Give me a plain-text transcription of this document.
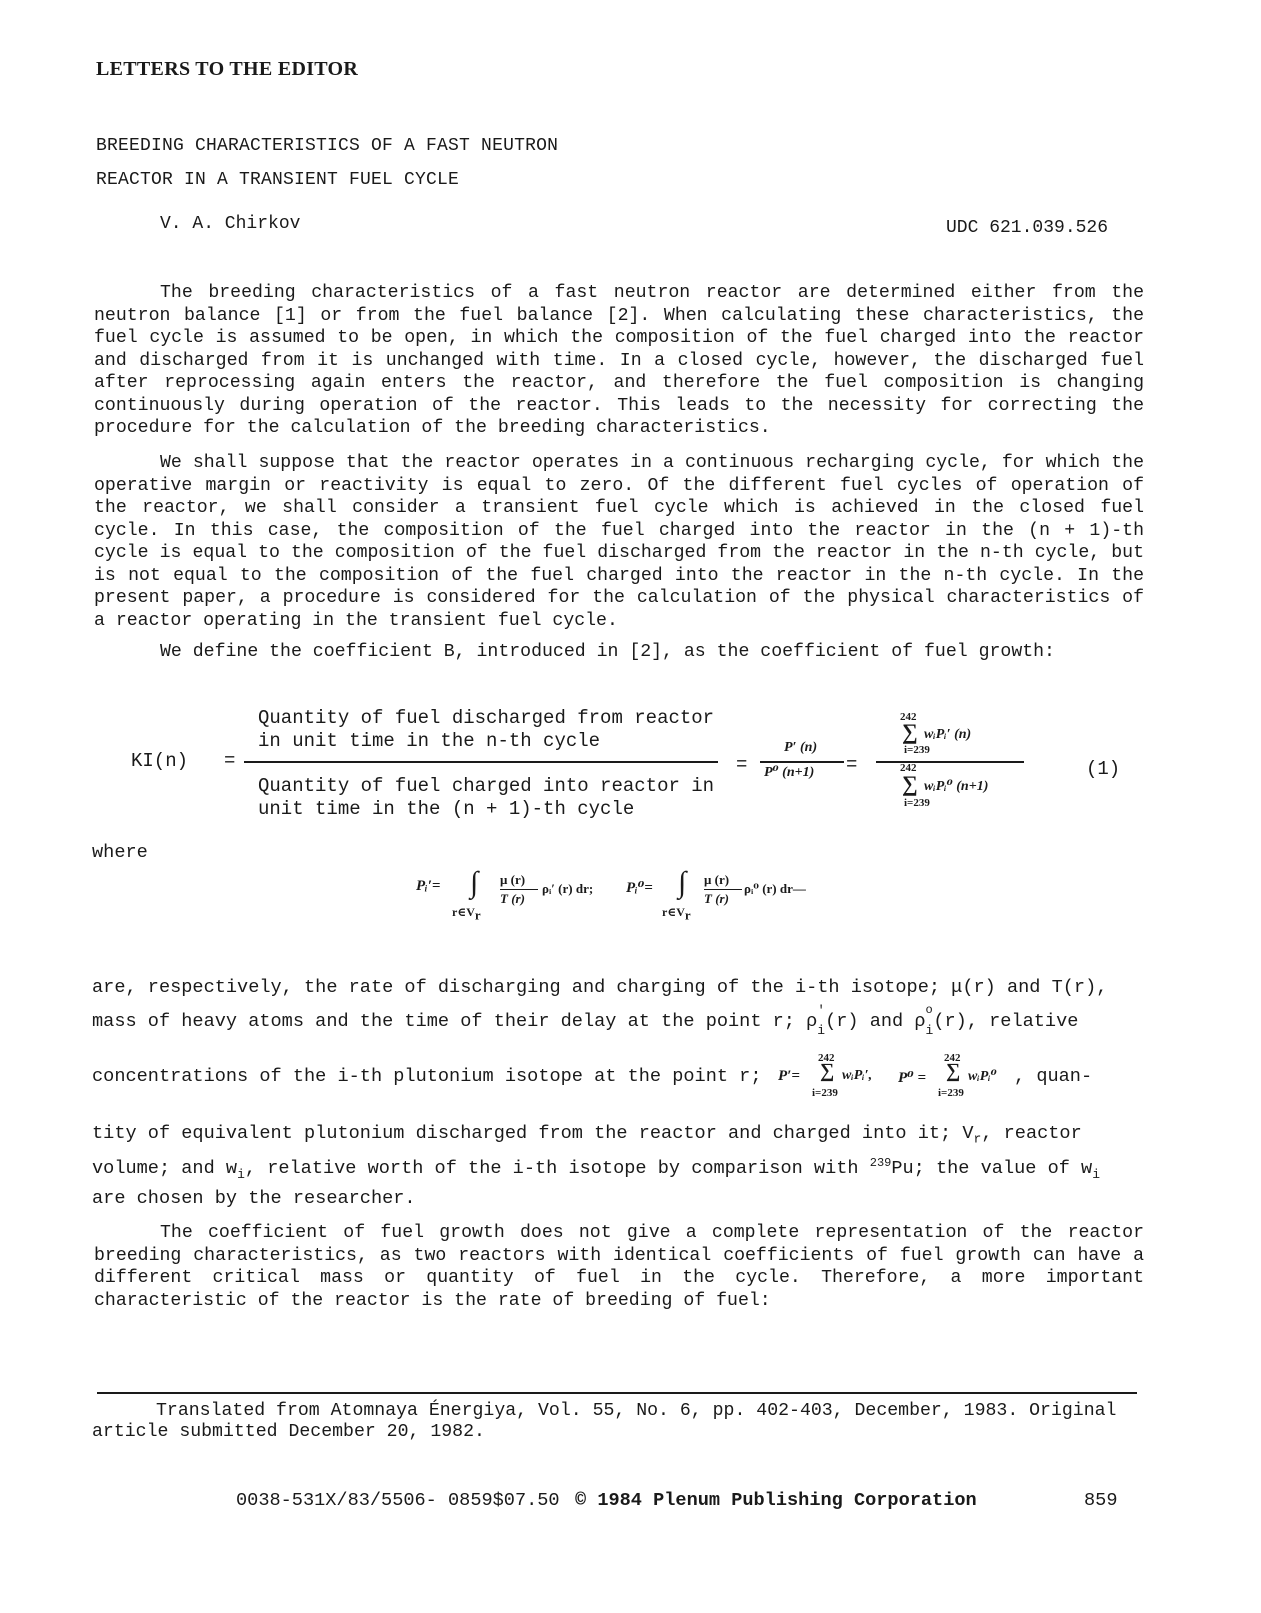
LETTERS TO THE EDITOR
BREEDING CHARACTERISTICS OF A FAST NEUTRON
REACTOR IN A TRANSIENT FUEL CYCLE
V. A. Chirkov	UDC 621.039.526

The breeding characteristics of a fast neutron reactor are determined either from the neutron balance [1] or from the fuel balance [2]. When calculating these characteristics, the fuel cycle is assumed to be open, in which the composition of the fuel charged into the reactor and discharged from it is unchanged with time. In a closed cycle, however, the discharged fuel after reprocessing again enters the reactor, and therefore the fuel composition is changing continuously during operation of the reactor. This leads to the necessity for correcting the procedure for the calculation of the breeding characteristics.

We shall suppose that the reactor operates in a continuous recharging cycle, for which the operative margin or reactivity is equal to zero. Of the different fuel cycles of operation of the reactor, we shall consider a transient fuel cycle which is achieved in the closed fuel cycle. In this case, the composition of the fuel charged into the reactor in the (n + 1)-th cycle is equal to the composition of the fuel discharged from the reactor in the n-th cycle, but is not equal to the composition of the fuel charged into the reactor in the n-th cycle. In the present paper, a procedure is considered for the calculation of the physical characteristics of a reactor operating in the transient fuel cycle.

We define the coefficient B, introduced in [2], as the coefficient of fuel growth:

KI(n) =
Quantity of fuel discharged from reactor
in unit time in the n-th cycle
Quantity of fuel charged into reactor in
unit time in the (n + 1)-th cycle
=
P′ (n)
P⁰ (n+1) =
242
∑
i=239
wᵢPᵢ′ (n)
242
∑
i=239
wᵢPᵢ⁰ (n+1)
(1)
where
Pᵢ′= ∫
r∈Vr
μ (r)
T (r)
ρᵢ′ (r) dr; Pᵢ⁰= ∫
r∈Vr
μ (r)
T (r)
ρᵢ⁰ (r) dr—
are, respectively, the rate of discharging and charging of the i-th isotope; μ(r) and T(r),
mass of heavy atoms and the time of their delay at the point r; ρ
′
$_i$(r) and ρ
o
$_i$(r), relative
concentrations of the i-th plutonium isotope at the point r; P′=
242
∑
i=239
wᵢPᵢ′, P⁰ =
242
∑
i=239
wᵢPᵢ⁰ , quan-
tity of equivalent plutonium discharged from the reactor and charged into it; $V_r$, reactor
volume; and $w_i$, relative worth of the i-th isotope by comparison with $^{239}$Pu; the value of $w_i$
are chosen by the researcher.

The coefficient of fuel growth does not give a complete representation of the reactor breeding characteristics, as two reactors with identical coefficients of fuel growth can have a different critical mass or quantity of fuel in the cycle. Therefore, a more important characteristic of the reactor is the rate of breeding of fuel:

Translated from Atomnaya Énergiya, Vol. 55, No. 6, pp. 402-403, December, 1983. Original
article submitted December 20, 1982.
0038-531X/83/5506- 0859$07.50 © 1984 Plenum Publishing Corporation	859
